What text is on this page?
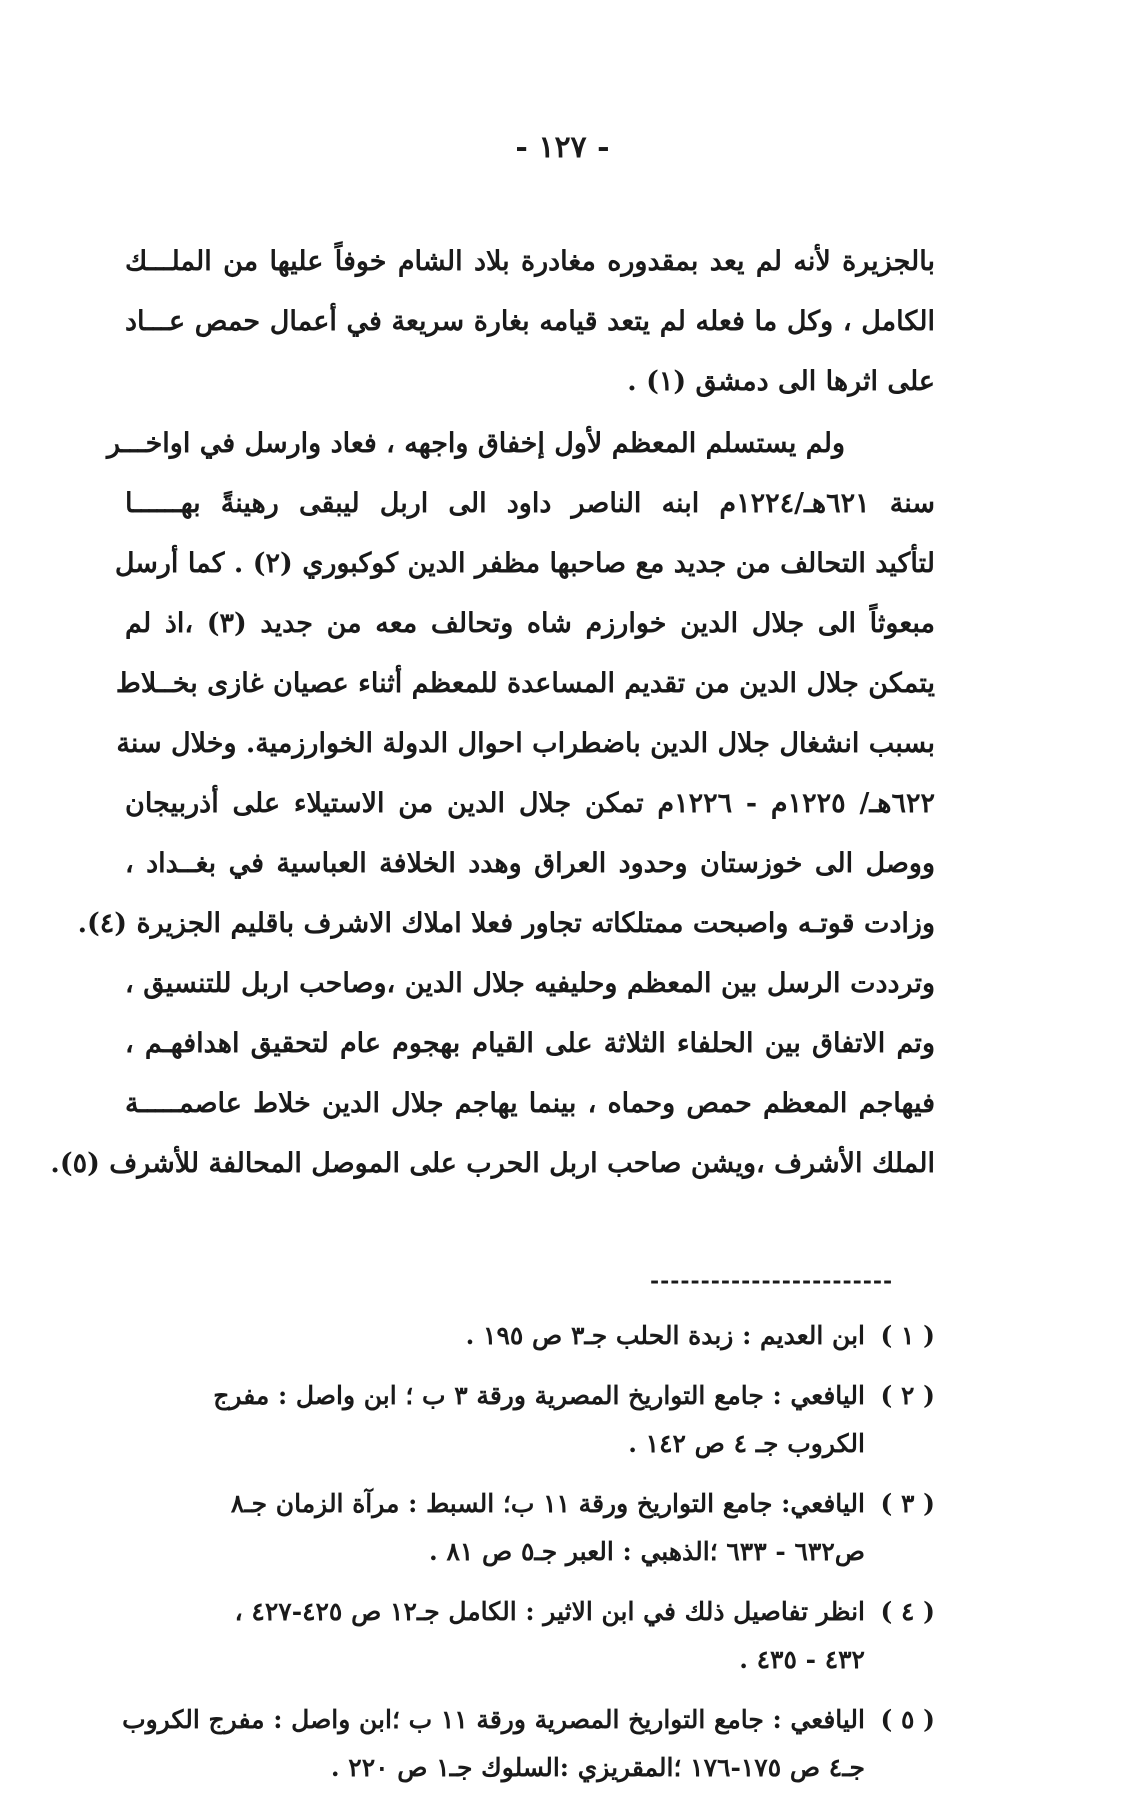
- ١٢٧ -
بالجزيرة لأنه لم يعد بمقدوره مغادرة بلاد الشام خوفاً عليها من الملـــك
الكامل ، وكل ما فعله لم يتعد قيامه بغارة سريعة في أعمال حمص عـــاد
على اثرها الى دمشق (١) .
ولم يستسلم المعظم لأول إخفاق واجهه ، فعاد وارسل في اواخـــر
سنة ٦٢١هـ/١٢٢٤م ابنه الناصر داود الى اربل ليبقى رهينةً بهــــــا
لتأكيد التحالف من جديد مع صاحبها مظفر الدين كوكبوري (٢) . كما أرسل
مبعوثاً الى جلال الدين خوارزم شاه وتحالف معه من جديد (٣) ،اذ لم
يتمكن جلال الدين من تقديم المساعدة للمعظم أثناء عصيان غازى بخــلاط
بسبب انشغال جلال الدين باضطراب احوال الدولة الخوارزمية. وخلال سنة
٦٢٢هـ/ ١٢٢٥م - ١٢٢٦م تمكن جلال الدين من الاستيلاء على أذربيجان
ووصل الى خوزستان وحدود العراق وهدد الخلافة العباسية في بغــداد ،
وزادت قوتـه واصبحت ممتلكاته تجاور فعلا املاك الاشرف باقليم الجزيرة (٤).
وترددت الرسل بين المعظم وحليفيه جلال الدين ،وصاحب اربل للتنسيق ،
وتم الاتفاق بين الحلفاء الثلاثة على القيام بهجوم عام لتحقيق اهدافهـم ،
فيهاجم المعظم حمص وحماه ، بينما يهاجم جلال الدين خلاط عاصمـــــة
الملك الأشرف ،ويشن صاحب اربل الحرب على الموصل المحالفة للأشرف (٥).
------------------------
( ١ )
ابن العديم : زبدة الحلب جـ٣ ص ١٩٥ .
( ٢ )
اليافعي : جامع التواريخ المصرية ورقة ٣ ب ؛ ابن واصل : مفرج
الكروب جـ ٤ ص ١٤٢ .
( ٣ )
اليافعي: جامع التواريخ ورقة ١١ ب؛ السبط : مرآة الزمان جـ٨
ص٦٣٢ - ٦٣٣ ؛الذهبي : العبر جـ٥ ص ٨١ .
( ٤ )
انظر تفاصيل ذلك في ابن الاثير : الكامل جـ١٢ ص ٤٢٥-٤٢٧ ،
٤٣٢ - ٤٣٥ .
( ٥ )
اليافعي : جامع التواريخ المصرية ورقة ١١ ب ؛ابن واصل : مفرج الكروب
جـ٤ ص ١٧٥-١٧٦ ؛المقريزي :السلوك جـ١ ص ٢٢٠ .
